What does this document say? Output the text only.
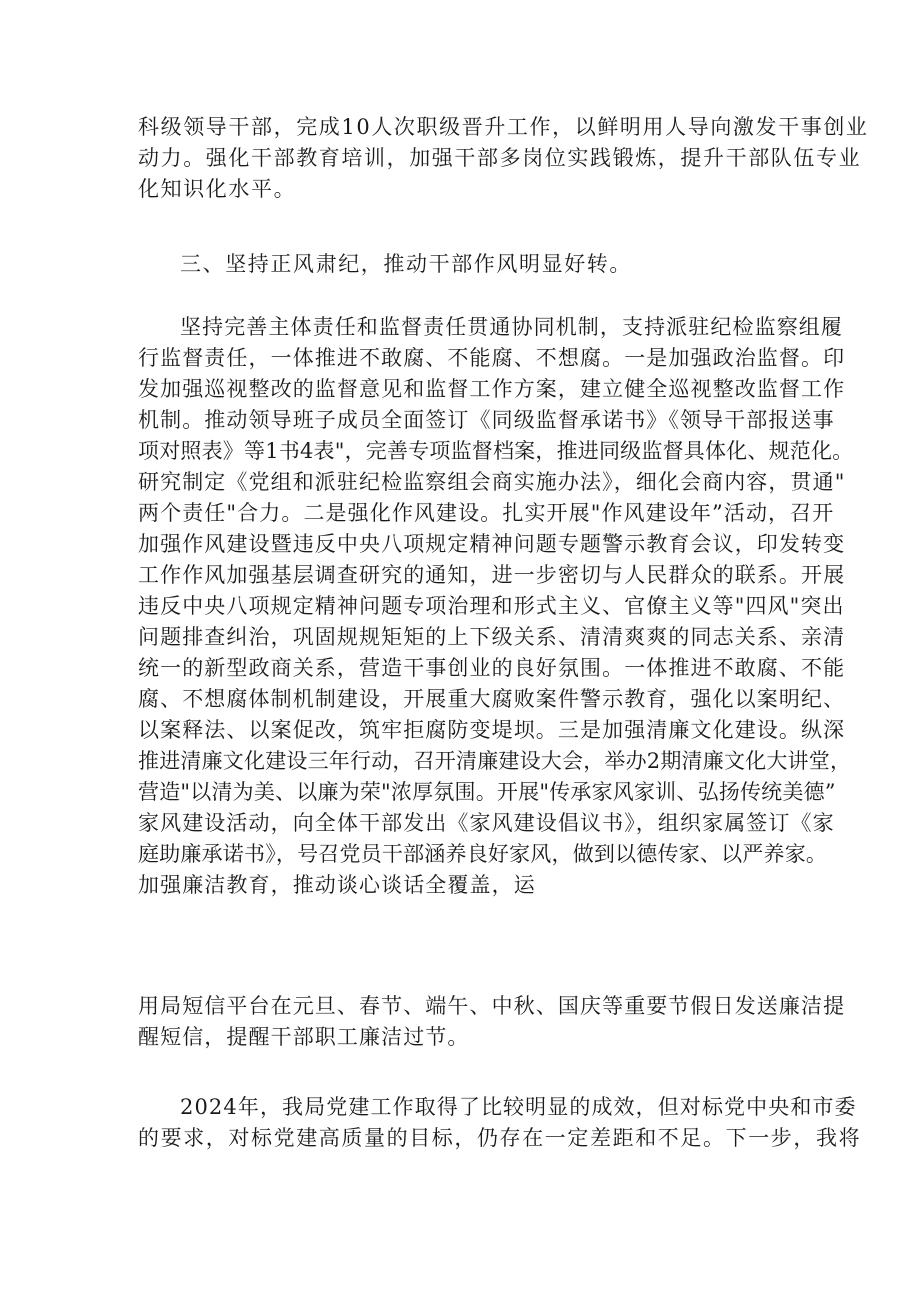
科级领导干部，完成10人次职级晋升工作，以鲜明用人导向激发干事创业

动力。强化干部教育培训，加强干部多岗位实践锻炼，提升干部队伍专业

化知识化水平。

三、坚持正风肃纪，推动干部作风明显好转。

坚持完善主体责任和监督责任贯通协同机制，支持派驻纪检监察组履

行监督责任，一体推进不敢腐、不能腐、不想腐。一是加强政治监督。印

发加强巡视整改的监督意见和监督工作方案，建立健全巡视整改监督工作

机制。推动领导班子成员全面签订《同级监督承诺书》《领导干部报送事

项对照表》等1书4表"，完善专项监督档案，推进同级监督具体化、规范化。

研究制定《党组和派驻纪检监察组会商实施办法》，细化会商内容，贯通"

两个责任"合力。二是强化作风建设。扎实开展"作风建设年”活动，召开

加强作风建设暨违反中央八项规定精神问题专题警示教育会议，印发转变

工作作风加强基层调查研究的通知，进一步密切与人民群众的联系。开展

违反中央八项规定精神问题专项治理和形式主义、官僚主义等"四风"突出

问题排查纠治，巩固规规矩矩的上下级关系、清清爽爽的同志关系、亲清

统一的新型政商关系，营造干事创业的良好氛围。一体推进不敢腐、不能

腐、不想腐体制机制建设，开展重大腐败案件警示教育，强化以案明纪、

以案释法、以案促改，筑牢拒腐防变堤坝。三是加强清廉文化建设。纵深

推进清廉文化建设三年行动，召开清廉建设大会，举办2期清廉文化大讲堂，

营造"以清为美、以廉为荣"浓厚氛围。开展"传承家风家训、弘扬传统美德”

家风建设活动，向全体干部发出《家风建设倡议书》，组织家属签订《家

庭助廉承诺书》，号召党员干部涵养良好家风，做到以德传家、以严养家。

加强廉洁教育，推动谈心谈话全覆盖，运

用局短信平台在元旦、春节、端午、中秋、国庆等重要节假日发送廉洁提

醒短信，提醒干部职工廉洁过节。

2024年，我局党建工作取得了比较明显的成效，但对标党中央和市委

的要求，对标党建高质量的目标，仍存在一定差距和不足。下一步，我将
